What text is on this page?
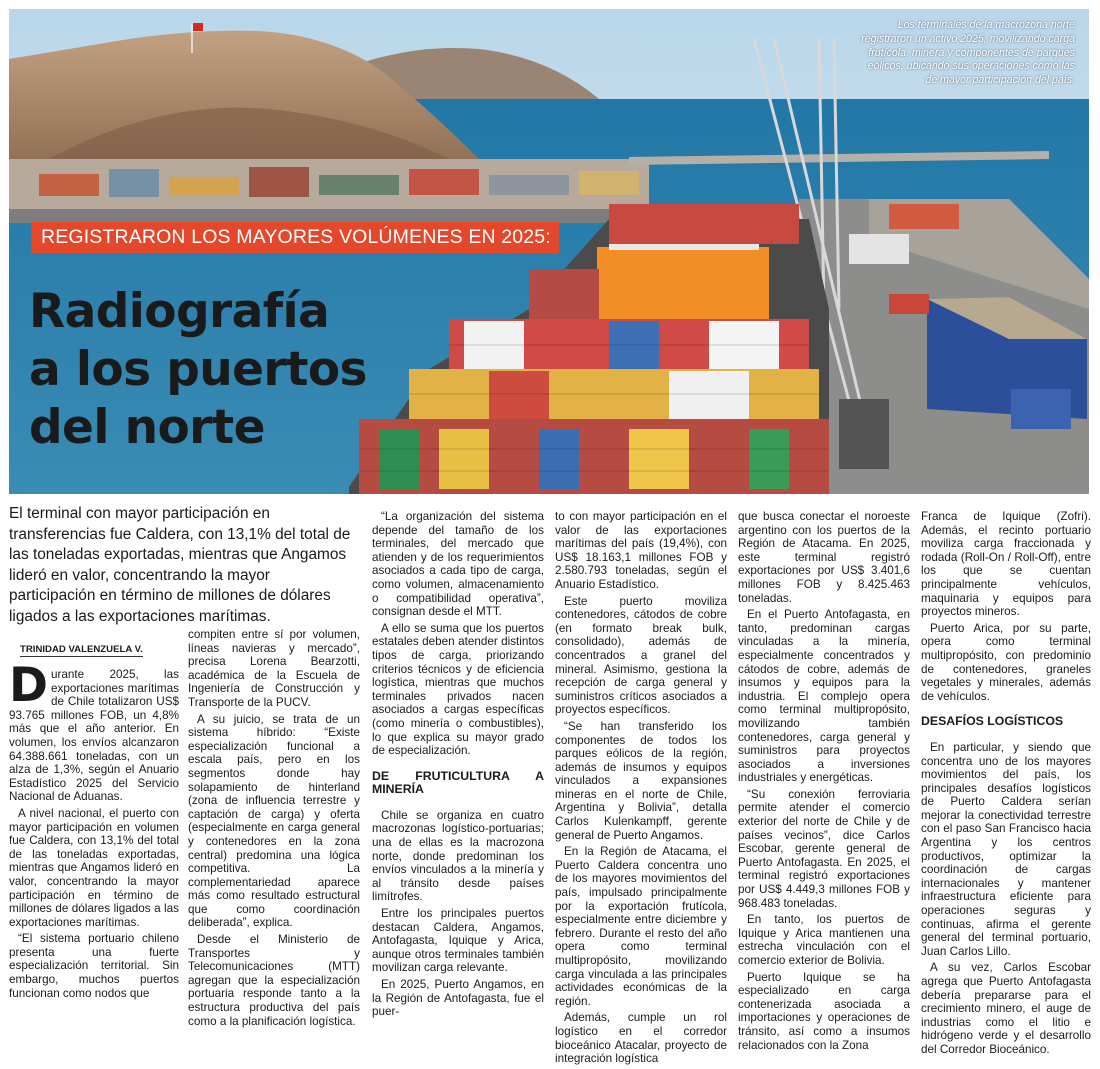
Los terminales de la macrozona norte registraron un activo 2025, movilizando carga frutícola, minera y componentes de parques eólicos, ubicando sus operaciones como las de mayor participación del país.
REGISTRARON LOS MAYORES VOLÚMENES EN 2025:
Radiografía
a los puertos
del norte
El terminal con mayor participación en transferencias fue Caldera, con 13,1% del total de las toneladas exportadas, mientras que Angamos lideró en valor, concentrando la mayor participación en término de millones de dólares ligados a las exportaciones marítimas.
TRINIDAD VALENZUELA V.

Durante 2025, las exportaciones marítimas de Chile totalizaron US$ 93.765 millones FOB, un 4,8% más que el año anterior. En volumen, los envíos alcanzaron 64.388.661 toneladas, con un alza de 1,3%, según el Anuario Estadístico 2025 del Servicio Nacional de Aduanas.

A nivel nacional, el puerto con mayor participación en volumen fue Caldera, con 13,1% del total de las toneladas exportadas, mientras que Angamos lideró en valor, concentrando la mayor participación en término de millones de dólares ligados a las exportaciones marítimas.

“El sistema portuario chileno presenta una fuerte especialización territorial. Sin embargo, muchos puertos funcionan como nodos que

compiten entre sí por volumen, líneas navieras y mercado”, precisa Lorena Bearzotti, académica de la Escuela de Ingeniería de Construcción y Transporte de la PUCV.

A su juicio, se trata de un sistema híbrido: “Existe especialización funcional a escala país, pero en los segmentos donde hay solapamiento de hinterland (zona de influencia terrestre y captación de carga) y oferta (especialmente en carga general y contenedores en la zona central) predomina una lógica competitiva. La complementariedad aparece más como resultado estructural que como coordinación deliberada”, explica.

Desde el Ministerio de Transportes y Telecomunicaciones (MTT) agregan que la especialización portuaria responde tanto a la estructura productiva del país como a la planificación logística.

“La organización del sistema depende del tamaño de los terminales, del mercado que atienden y de los requerimientos asociados a cada tipo de carga, como volumen, almacenamiento o compatibilidad operativa”, consignan desde el MTT.

A ello se suma que los puertos estatales deben atender distintos tipos de carga, priorizando criterios técnicos y de eficiencia logística, mientras que muchos terminales privados nacen asociados a cargas específicas (como minería o combustibles), lo que explica su mayor grado de especialización.

DE FRUTICULTURA A MINERÍA

Chile se organiza en cuatro macrozonas logístico-portuarias; una de ellas es la macrozona norte, donde predominan los envíos vinculados a la minería y al tránsito desde países limítrofes.

Entre los principales puertos destacan Caldera, Angamos, Antofagasta, Iquique y Arica, aunque otros terminales también movilizan carga relevante.

En 2025, Puerto Angamos, en la Región de Antofagasta, fue el puer-

to con mayor participación en el valor de las exportaciones marítimas del país (19,4%), con US$ 18.163,1 millones FOB y 2.580.793 toneladas, según el Anuario Estadístico.

Este puerto moviliza contenedores, cátodos de cobre (en formato break bulk, consolidado), además de concentrados a granel del mineral. Asimismo, gestiona la recepción de carga general y suministros críticos asociados a proyectos específicos.

“Se han transferido los componentes de todos los parques eólicos de la región, además de insumos y equipos vinculados a expansiones mineras en el norte de Chile, Argentina y Bolivia”, detalla Carlos Kulenkampff, gerente general de Puerto Angamos.

En la Región de Atacama, el Puerto Caldera concentra uno de los mayores movimientos del país, impulsado principalmente por la exportación frutícola, especialmente entre diciembre y febrero. Durante el resto del año opera como terminal multipropósito, movilizando carga vinculada a las principales actividades económicas de la región.

Además, cumple un rol logístico en el corredor bioceánico Atacalar, proyecto de integración logística

que busca conectar el noroeste argentino con los puertos de la Región de Atacama. En 2025, este terminal registró exportaciones por US$ 3.401,6 millones FOB y 8.425.463 toneladas.

En el Puerto Antofagasta, en tanto, predominan cargas vinculadas a la minería, especialmente concentrados y cátodos de cobre, además de insumos y equipos para la industria. El complejo opera como terminal multipropósito, movilizando también contenedores, carga general y suministros para proyectos asociados a inversiones industriales y energéticas.

“Su conexión ferroviaria permite atender el comercio exterior del norte de Chile y de países vecinos”, dice Carlos Escobar, gerente general de Puerto Antofagasta. En 2025, el terminal registró exportaciones por US$ 4.449,3 millones FOB y 968.483 toneladas.

En tanto, los puertos de Iquique y Arica mantienen una estrecha vinculación con el comercio exterior de Bolivia.

Puerto Iquique se ha especializado en carga contenerizada asociada a importaciones y operaciones de tránsito, así como a insumos relacionados con la Zona

Franca de Iquique (Zofri). Además, el recinto portuario moviliza carga fraccionada y rodada (Roll-On / Roll-Off), entre los que se cuentan principalmente vehículos, maquinaria y equipos para proyectos mineros.

Puerto Arica, por su parte, opera como terminal multipropósito, con predominio de contenedores, graneles vegetales y minerales, además de vehículos.

DESAFÍOS LOGÍSTICOS

En particular, y siendo que concentra uno de los mayores movimientos del país, los principales desafíos logísticos de Puerto Caldera serían mejorar la conectividad terrestre con el paso San Francisco hacia Argentina y los centros productivos, optimizar la coordinación de cargas internacionales y mantener infraestructura eficiente para operaciones seguras y continuas, afirma el gerente general del terminal portuario, Juan Carlos Lillo.

A su vez, Carlos Escobar agrega que Puerto Antofagasta debería prepararse para el crecimiento minero, el auge de industrias como el litio e hidrógeno verde y el desarrollo del Corredor Bioceánico.
